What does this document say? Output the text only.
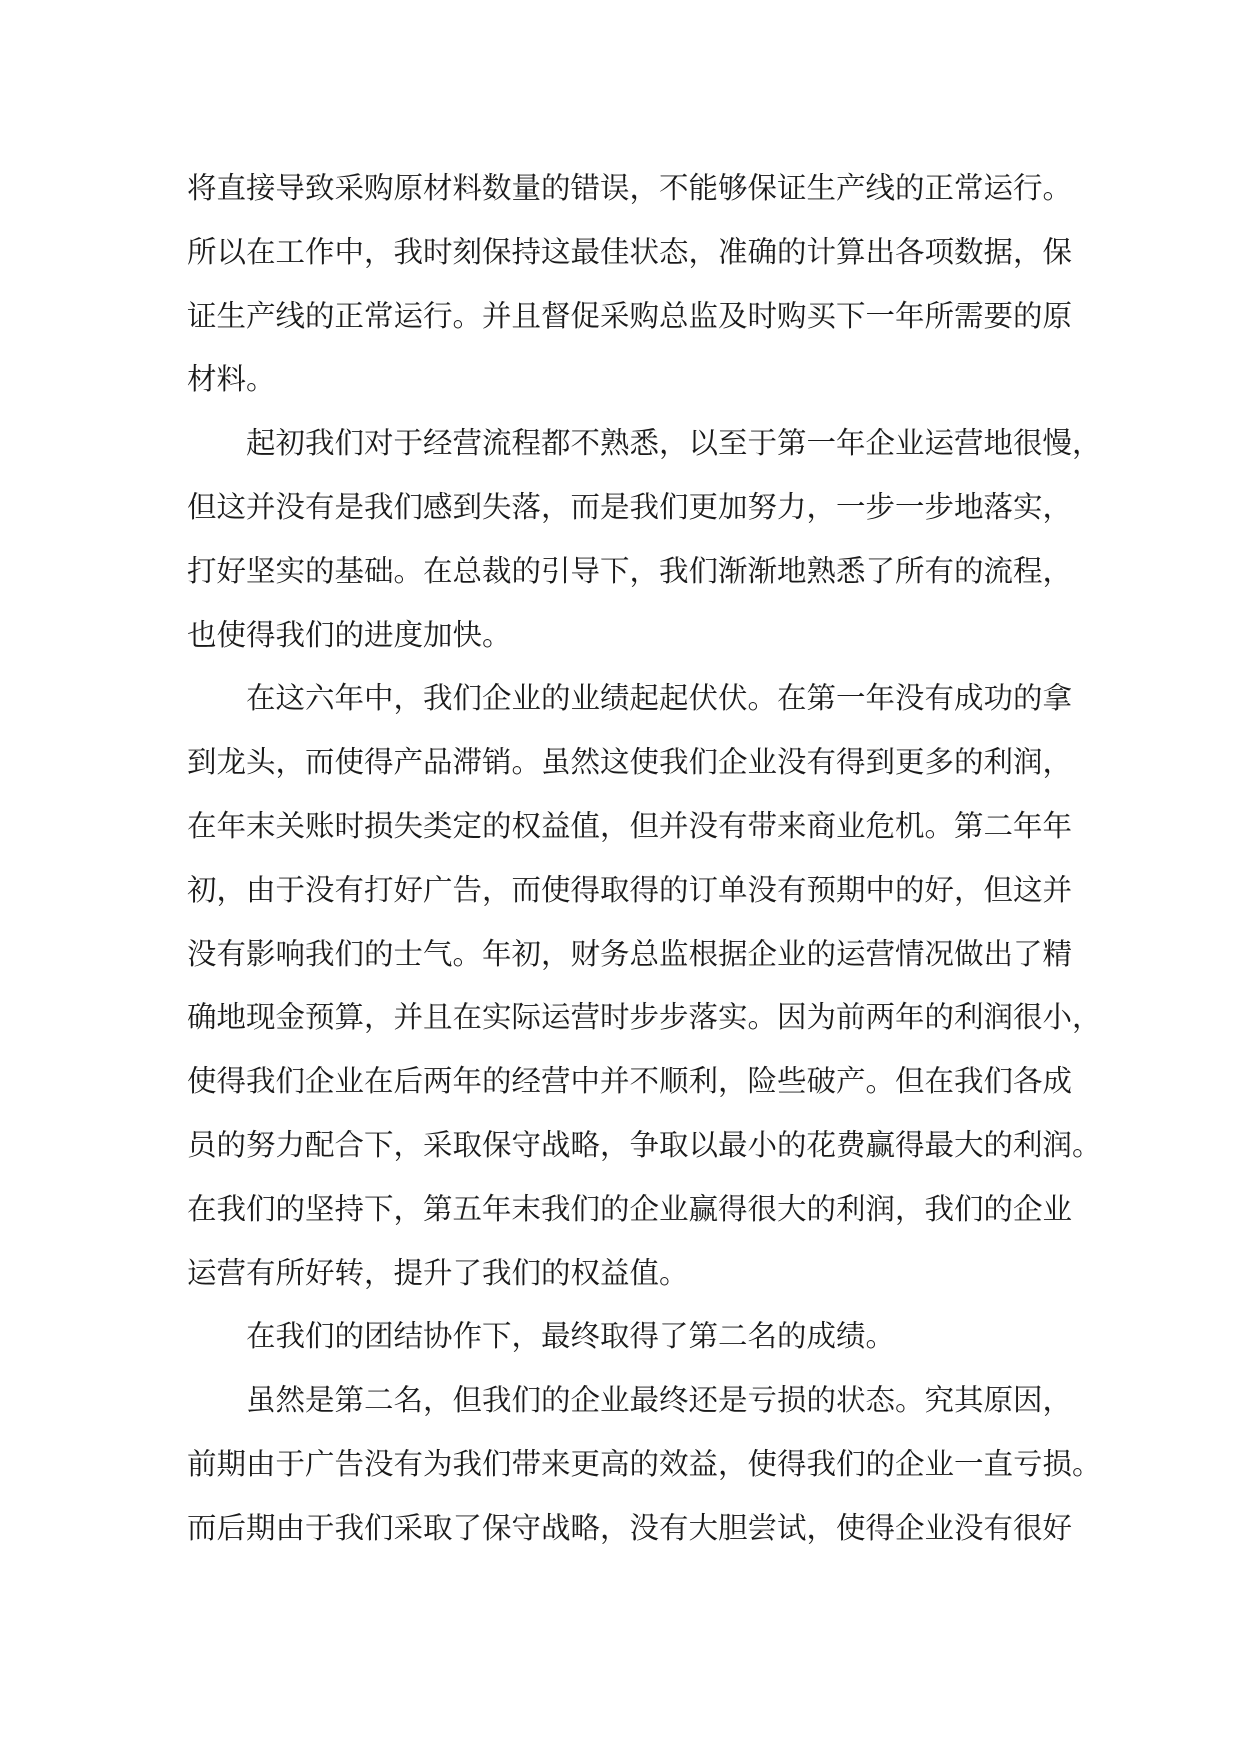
将直接导致采购原材料数量的错误，不能够保证生产线的正常运行。
所以在工作中，我时刻保持这最佳状态，准确的计算出各项数据，保
证生产线的正常运行。并且督促采购总监及时购买下一年所需要的原
材料。
起初我们对于经营流程都不熟悉，以至于第一年企业运营地很慢，
但这并没有是我们感到失落，而是我们更加努力，一步一步地落实，
打好坚实的基础。在总裁的引导下，我们渐渐地熟悉了所有的流程，
也使得我们的进度加快。
在这六年中，我们企业的业绩起起伏伏。在第一年没有成功的拿
到龙头，而使得产品滞销。虽然这使我们企业没有得到更多的利润，
在年末关账时损失类定的权益值，但并没有带来商业危机。第二年年
初，由于没有打好广告，而使得取得的订单没有预期中的好，但这并
没有影响我们的士气。年初，财务总监根据企业的运营情况做出了精
确地现金预算，并且在实际运营时步步落实。因为前两年的利润很小，
使得我们企业在后两年的经营中并不顺利，险些破产。但在我们各成
员的努力配合下，采取保守战略，争取以最小的花费赢得最大的利润。
在我们的坚持下，第五年末我们的企业赢得很大的利润，我们的企业
运营有所好转，提升了我们的权益值。
在我们的团结协作下，最终取得了第二名的成绩。
虽然是第二名，但我们的企业最终还是亏损的状态。究其原因，
前期由于广告没有为我们带来更高的效益，使得我们的企业一直亏损。
而后期由于我们采取了保守战略，没有大胆尝试，使得企业没有很好
